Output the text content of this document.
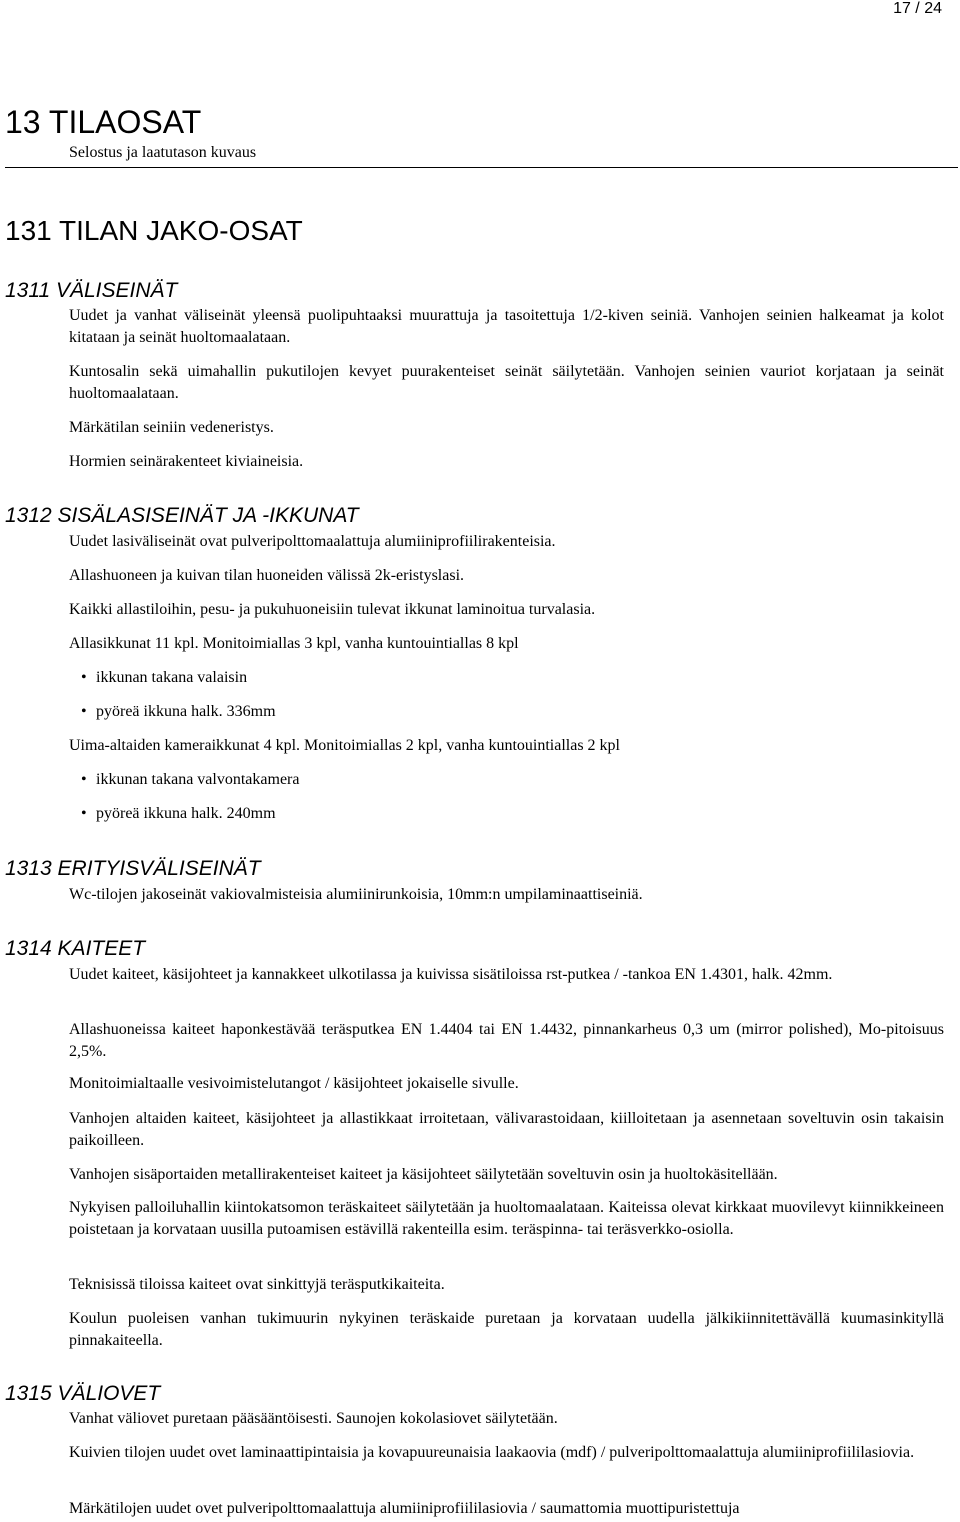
17 / 24
13 TILAOSAT
Selostus ja laatutason kuvaus
131 TILAN JAKO-OSAT
1311 VÄLISEINÄT
Uudet ja vanhat väliseinät yleensä puolipuhtaaksi muurattuja ja tasoitettuja 1/2-kiven seiniä. Vanhojen seinien halkeamat ja kolot kitataan ja seinät huoltomaalataan.
Kuntosalin sekä uimahallin pukutilojen kevyet puurakenteiset seinät säilytetään. Vanhojen seinien vauriot korjataan ja seinät huoltomaalataan.
Märkätilan seiniin vedeneristys.
Hormien seinärakenteet kiviaineisia.
1312 SISÄLASISEINÄT JA -IKKUNAT
Uudet lasiväliseinät ovat pulveripolttomaalattuja alumiiniprofiilirakenteisia.
Allashuoneen ja kuivan tilan huoneiden välissä 2k-eristyslasi.
Kaikki allastiloihin, pesu- ja pukuhuoneisiin tulevat ikkunat laminoitua turvalasia.
Allasikkunat 11 kpl. Monitoimiallas 3 kpl, vanha kuntouintiallas 8 kpl
• ikkunan takana valaisin
• pyöreä ikkuna halk. 336mm
Uima-altaiden kameraikkunat 4 kpl. Monitoimiallas 2 kpl, vanha kuntouintiallas 2 kpl
• ikkunan takana valvontakamera
• pyöreä ikkuna halk. 240mm
1313 ERITYISVÄLISEINÄT
Wc-tilojen jakoseinät vakiovalmisteisia alumiinirunkoisia, 10mm:n umpilaminaattiseiniä.
1314 KAITEET
Uudet kaiteet, käsijohteet ja kannakkeet ulkotilassa ja kuivissa sisätiloissa rst-putkea / -tankoa EN 1.4301, halk. 42mm.
Allashuoneissa kaiteet haponkestävää teräsputkea EN 1.4404 tai EN 1.4432, pinnankarheus 0,3 um (mirror polished), Mo-pitoisuus 2,5%.
Monitoimialtaalle vesivoimistelutangot / käsijohteet jokaiselle sivulle.
Vanhojen altaiden kaiteet, käsijohteet ja allastikkaat irroitetaan, välivarastoidaan, kiilloitetaan ja asennetaan soveltuvin osin takaisin paikoilleen.
Vanhojen sisäportaiden metallirakenteiset kaiteet ja käsijohteet säilytetään soveltuvin osin ja huoltokäsitellään.
Nykyisen palloiluhallin kiintokatsomon teräskaiteet säilytetään ja huoltomaalataan. Kaiteissa olevat kirkkaat muovilevyt kiinnikkeineen poistetaan ja korvataan uusilla putoamisen estävillä rakenteilla esim. teräspinna- tai teräsverkko-osiolla.
Teknisissä tiloissa kaiteet ovat sinkittyjä teräsputkikaiteita.
Koulun puoleisen vanhan tukimuurin nykyinen teräskaide puretaan ja korvataan uudella jälkikiinnitettävällä kuumasinkityllä pinnakaiteella.
1315 VÄLIOVET
Vanhat väliovet puretaan pääsääntöisesti. Saunojen kokolasiovet säilytetään.
Kuivien tilojen uudet ovet laminaattipintaisia ja kovapuureunaisia laakaovia (mdf) / pulveripolttomaalattuja alumiiniprofiililasiovia.
Märkätilojen uudet ovet pulveripolttomaalattuja alumiiniprofiililasiovia / saumattomia muottipuristettuja
